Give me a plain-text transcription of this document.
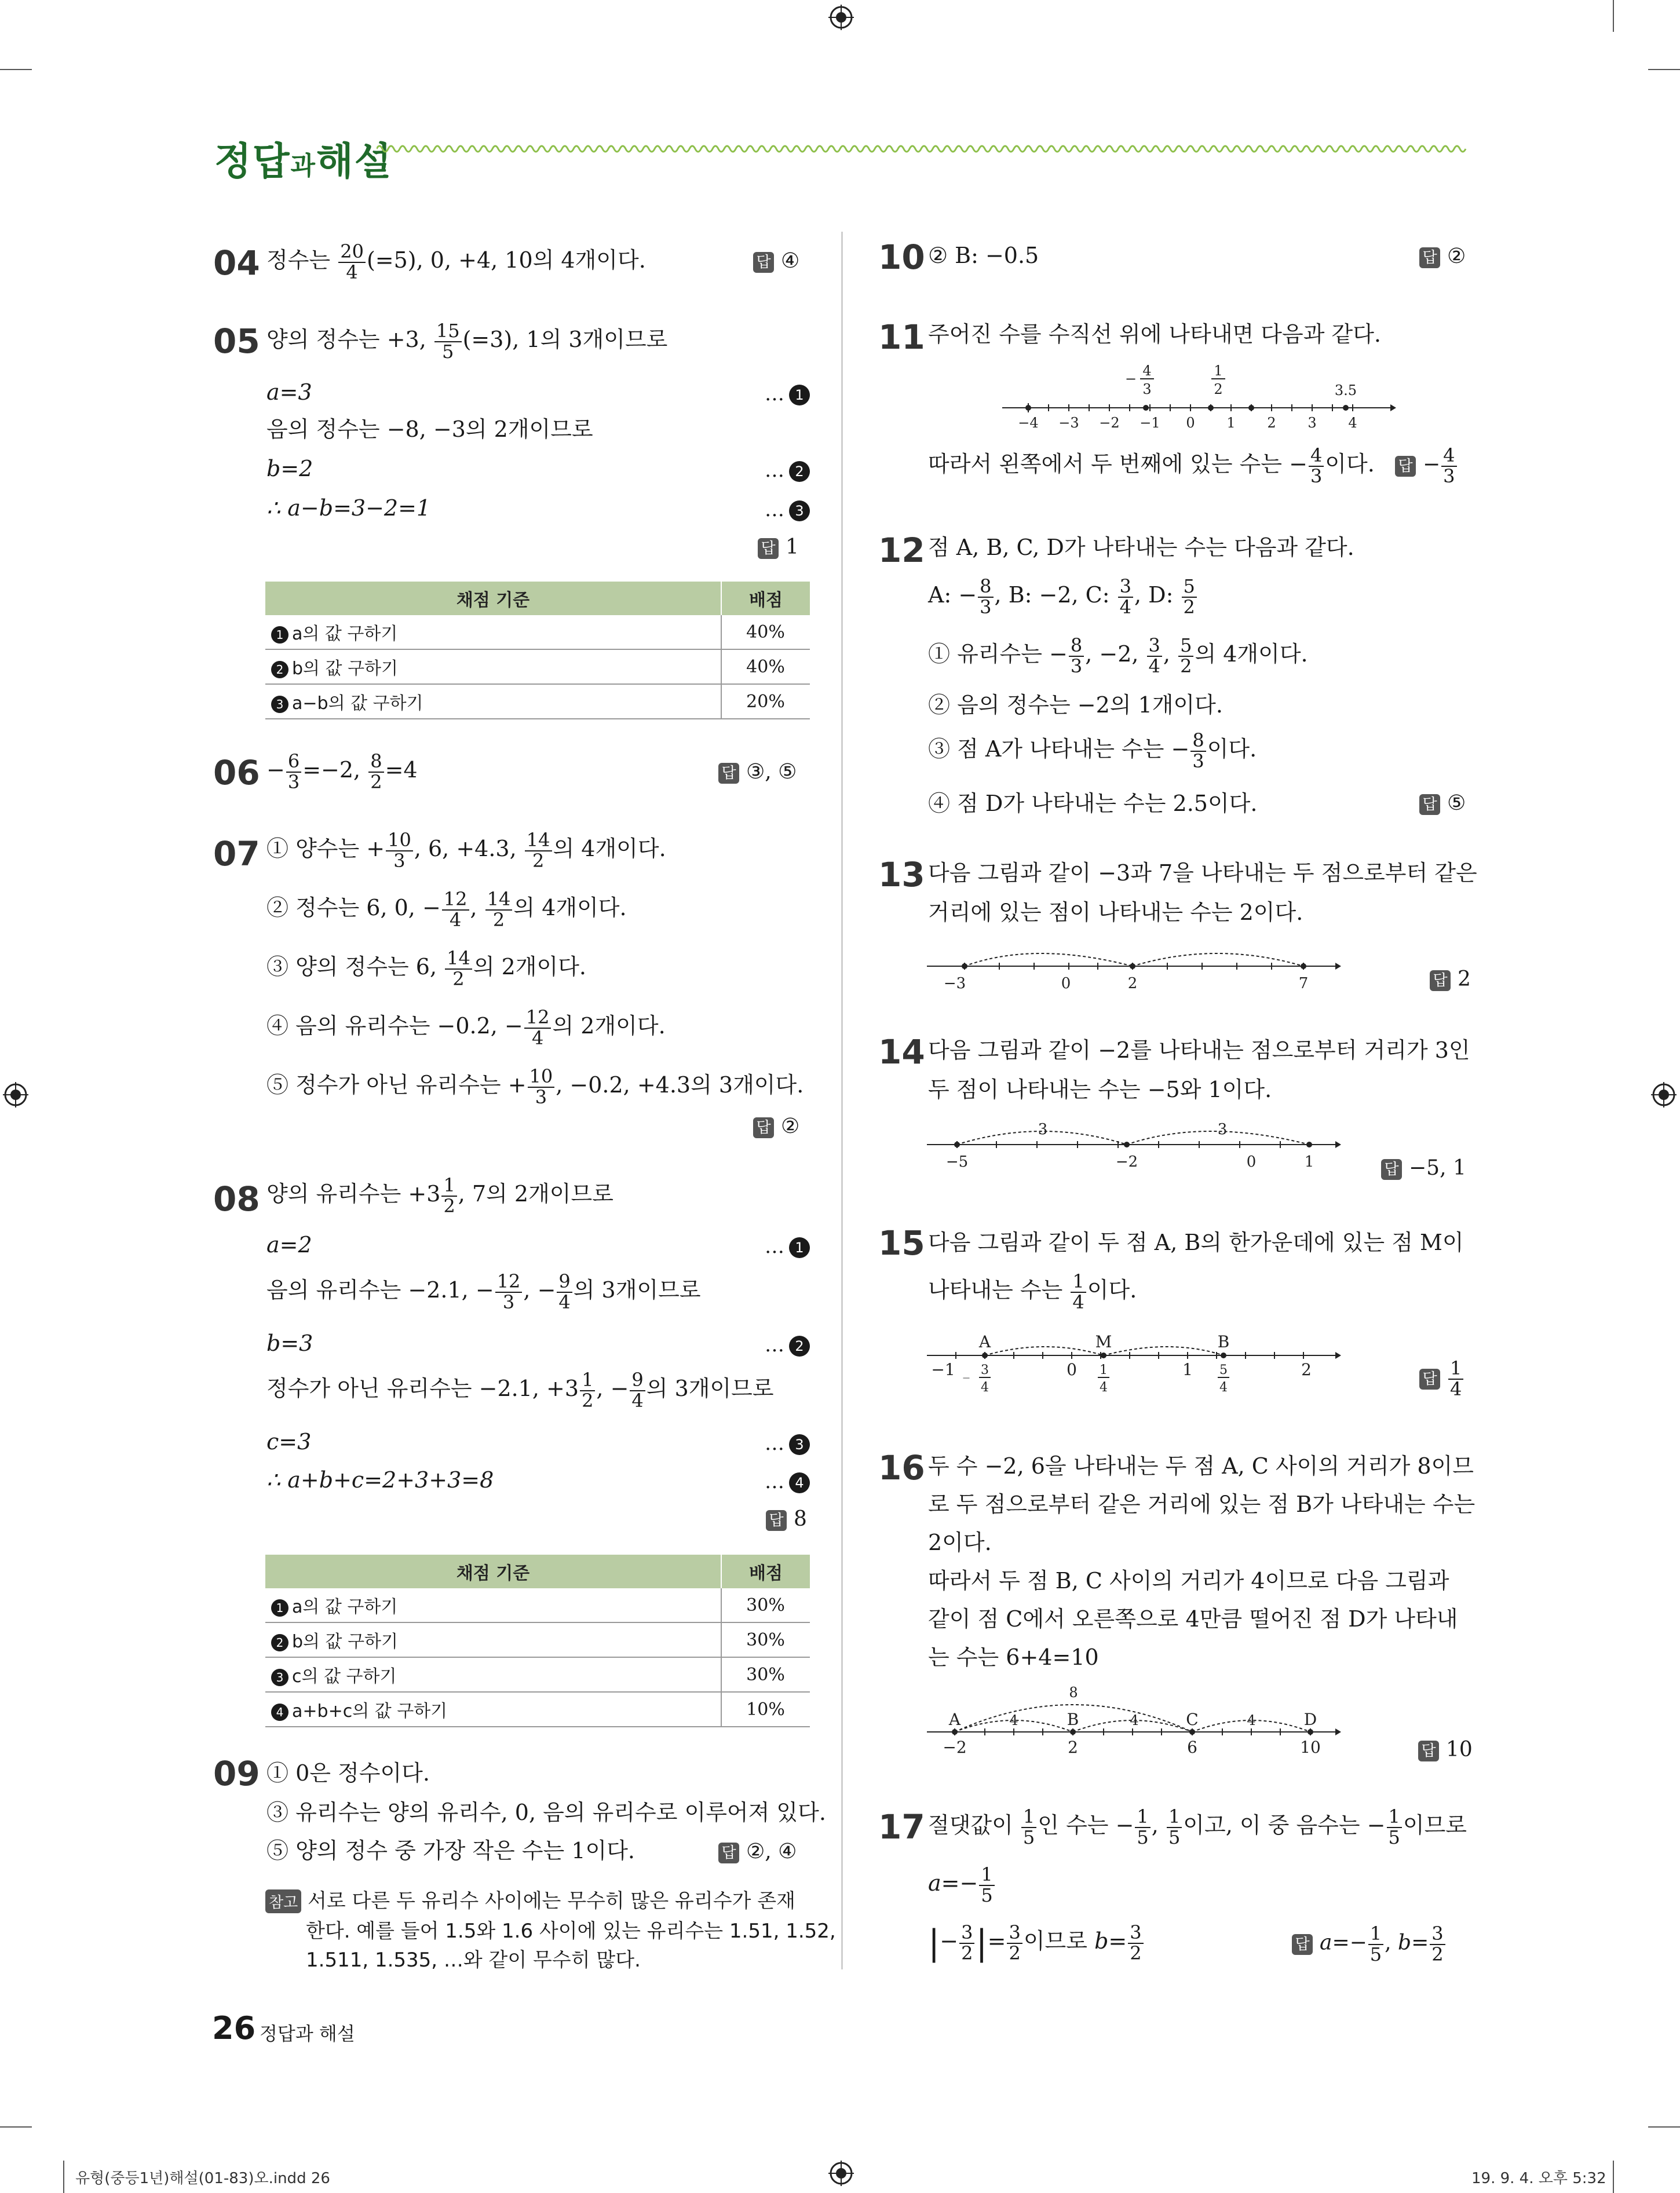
정답과해설
04 정수는 $\frac{20}{4} (=5)$, 0, +4, 10의 4개이다.	답 ④
05 양의 정수는 +3, $\frac{15}{5} (=3)$, 1의 3개이므로
a=3	… 1
음의 정수는 −8, −3의 2개이므로
b=2	… 2
∴ a−b=3−2=1	… 3
답 1
채점 기준	배점
1 a의 값 구하기	40%
2 b의 값 구하기	40%
3 a−b의 값 구하기	20%
$06 - \frac{6}{3} =-2$, $\frac{8}{2} =4$	답 ③, ⑤
07 ① 양수는 + $\frac{10}{3}$ , 6, +4.3, $\frac{14}{2}$ 의 4개이다.
② 정수는 6, 0, − $\frac{12}{4}$ , $\frac{14}{2}$ 의 4개이다.
③ 양의 정수는 6, $\frac{14}{2}$ 의 2개이다.
④ 음의 유리수는 −0.2, − $\frac{12}{4}$ 의 2개이다.
⑤ 정수가 아닌 유리수는 + $\frac{10}{3}$ , −0.2, +4.3의 3개이다.
답 ②
08 양의 유리수는 $+3 \frac{1}{2}$ , 7의 2개이므로
a=2	… 1
음의 유리수는 −2.1, − $\frac{12}{3}$ , − $\frac{9}{4}$ 의 3개이므로
b=3	… 2
정수가 아닌 유리수는 −2.1, $+3 \frac{1}{2}$ , − $\frac{9}{4}$ 의 3개이므로
c=3	… 3
∴ a+b+c=2+3+3=8	… 4
답 8
채점 기준	배점
1 a의 값 구하기	30%
2 b의 값 구하기	30%
3 c의 값 구하기	30%
4 a+b+c의 값 구하기	10%
09 ① 0은 정수이다.
③ 유리수는 양의 유리수, 0, 음의 유리수로 이루어져 있다.
⑤ 양의 정수 중 가장 작은 수는 1이다.	답 ②, ④
참고 서로 다른 두 유리수 사이에는 무수히 많은 유리수가 존재
한다. 예를 들어 1.5와 1.6 사이에 있는 유리수는 1.51, 1.52,
1.511, 1.535, …와 같이 무수히 많다.
10 ② B: −0.5	답 ②
11 주어진 수를 수직선 위에 나타내면 다음과 같다.
−4 −3 −2 −1 0 1 2 3 4
4
3
−	1
2	3.5
따라서 왼쪽에서 두 번째에 있는 수는 − $\frac{4}{3}$ 이다. 답 − $\frac{4}{3}$
12 점 A, B, C, D가 나타내는 수는 다음과 같다.
A: − $\frac{8}{3}$ , B: −2, C: $\frac{3}{4}$ , D: $\frac{5}{2}$
① 유리수는 − $\frac{8}{3}$ , −2, $\frac{3}{4}$ , $\frac{5}{2}$ 의 4개이다.
② 음의 정수는 −2의 1개이다.
③ 점 A가 나타내는 수는 − $\frac{8}{3}$ 이다.
④ 점 D가 나타내는 수는 2.5이다.	답 ⑤
13 다음 그림과 같이 −3과 7을 나타내는 두 점으로부터 같은
거리에 있는 점이 나타내는 수는 2이다.
−3	0	2	7	답 2
14 다음 그림과 같이 −2를 나타내는 점으로부터 거리가 3인
두 점이 나타내는 수는 −5와 1이다.
3	3
−5	−2	0	1	답 −5, 1
15 다음 그림과 같이 두 점 A, B의 한가운데에 있는 점 M이
나타내는 수는 $\frac{1}{4}$ 이다.
A	M	B
−1	0	1	2
3
4
_	1
4
5
4	답 $\frac{1}{4}$
16 두 수 −2, 6을 나타내는 두 점 A, C 사이의 거리가 8이므
로 두 점으로부터 같은 거리에 있는 점 B가 나타내는 수는
2이다.
따라서 두 점 B, C 사이의 거리가 4이므로 다음 그림과
같이 점 C에서 오른쪽으로 4만큼 떨어진 점 D가 나타내
는 수는 6+4=10
A	B	C	D
8
4	4	4
−2	2	6	10	답 10
17 절댓값이 $\frac{1}{5}$ 인 수는 − $\frac{1}{5}$ , $\frac{1}{5}$ 이고, 이 중 음수는 − $\frac{1}{5}$ 이므로
$a=- \frac{1}{5}$
|− $\frac{3}{2}$ |= $\frac{3}{2}$ 이므로 $b= \frac{3}{2}$	답 $a=- \frac{1}{5}$ , $b= \frac{3}{2}$
26 정답과 해설
유형(중등1년)해설(01-83)오.indd 26	19. 9. 4. 오후 5:32
